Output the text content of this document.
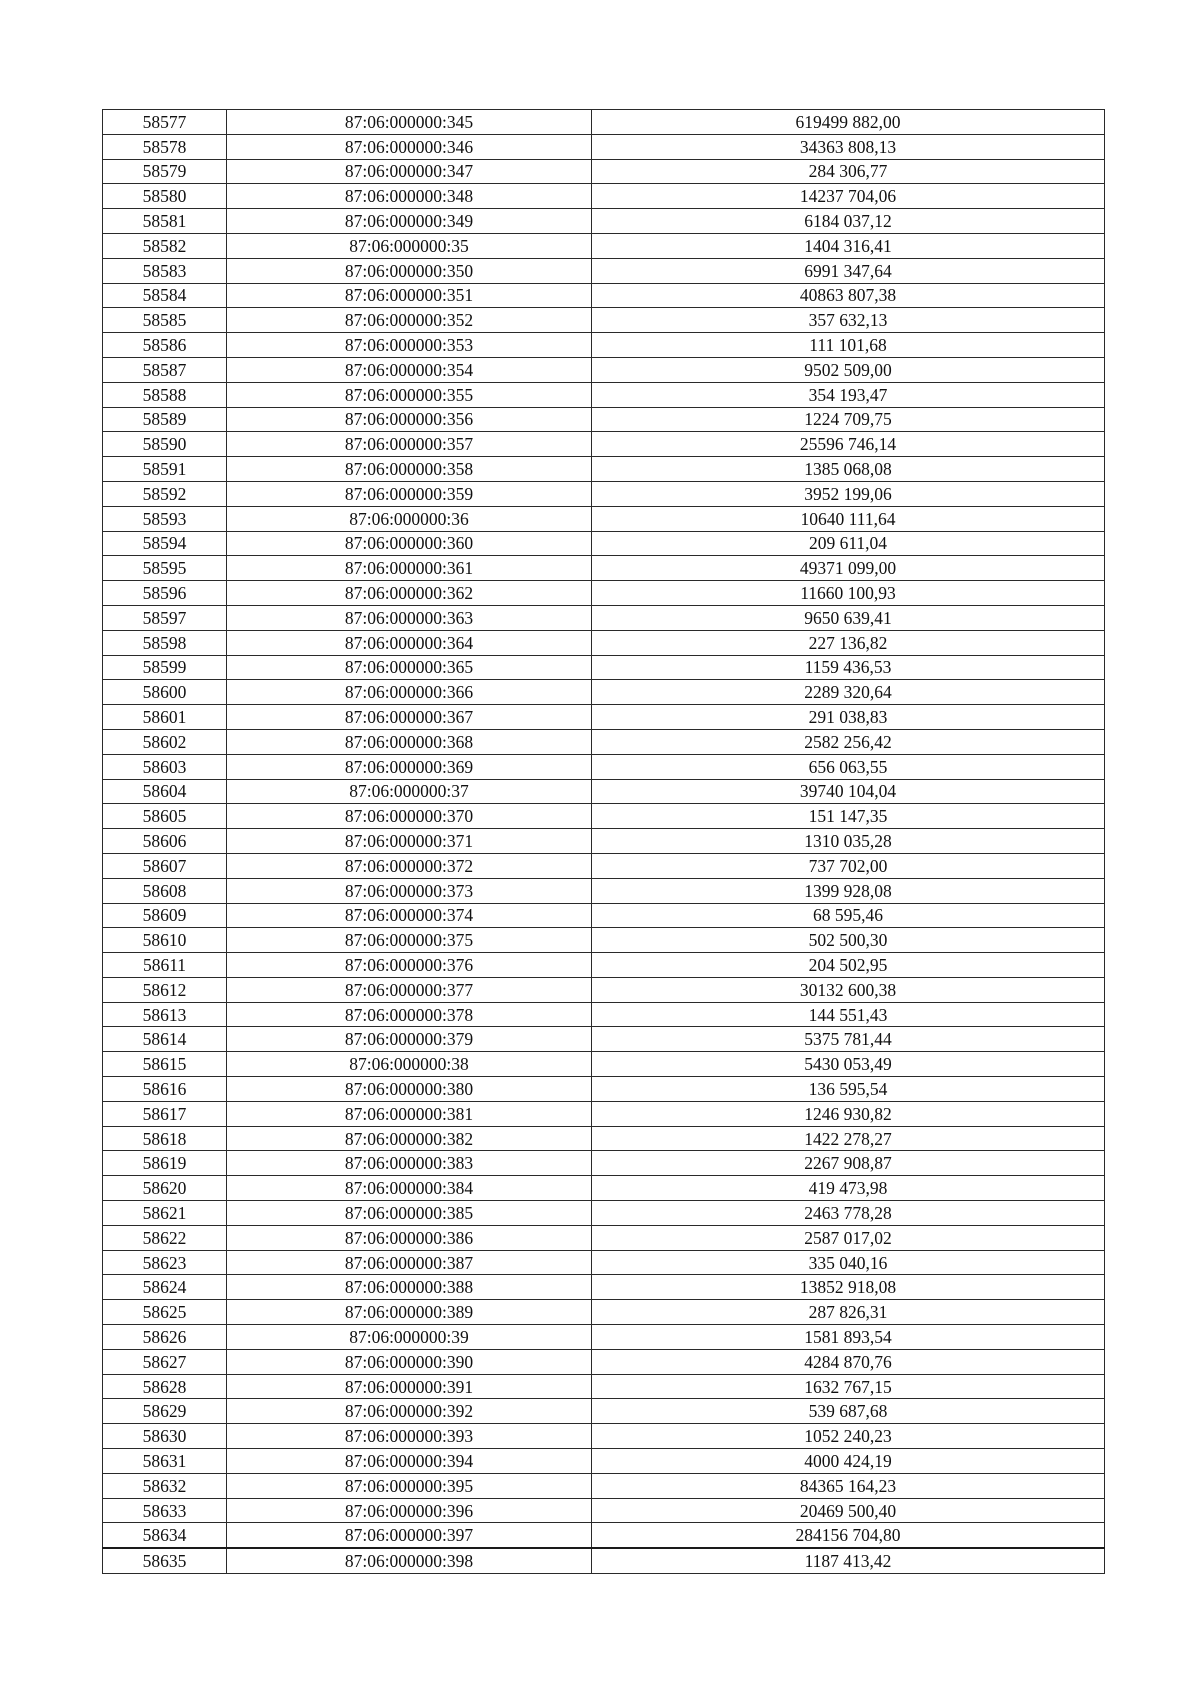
58577	87:06:000000:345	619499 882,00
58578	87:06:000000:346	34363 808,13
58579	87:06:000000:347	284 306,77
58580	87:06:000000:348	14237 704,06
58581	87:06:000000:349	6184 037,12
58582	87:06:000000:35	1404 316,41
58583	87:06:000000:350	6991 347,64
58584	87:06:000000:351	40863 807,38
58585	87:06:000000:352	357 632,13
58586	87:06:000000:353	111 101,68
58587	87:06:000000:354	9502 509,00
58588	87:06:000000:355	354 193,47
58589	87:06:000000:356	1224 709,75
58590	87:06:000000:357	25596 746,14
58591	87:06:000000:358	1385 068,08
58592	87:06:000000:359	3952 199,06
58593	87:06:000000:36	10640 111,64
58594	87:06:000000:360	209 611,04
58595	87:06:000000:361	49371 099,00
58596	87:06:000000:362	11660 100,93
58597	87:06:000000:363	9650 639,41
58598	87:06:000000:364	227 136,82
58599	87:06:000000:365	1159 436,53
58600	87:06:000000:366	2289 320,64
58601	87:06:000000:367	291 038,83
58602	87:06:000000:368	2582 256,42
58603	87:06:000000:369	656 063,55
58604	87:06:000000:37	39740 104,04
58605	87:06:000000:370	151 147,35
58606	87:06:000000:371	1310 035,28
58607	87:06:000000:372	737 702,00
58608	87:06:000000:373	1399 928,08
58609	87:06:000000:374	68 595,46
58610	87:06:000000:375	502 500,30
58611	87:06:000000:376	204 502,95
58612	87:06:000000:377	30132 600,38
58613	87:06:000000:378	144 551,43
58614	87:06:000000:379	5375 781,44
58615	87:06:000000:38	5430 053,49
58616	87:06:000000:380	136 595,54
58617	87:06:000000:381	1246 930,82
58618	87:06:000000:382	1422 278,27
58619	87:06:000000:383	2267 908,87
58620	87:06:000000:384	419 473,98
58621	87:06:000000:385	2463 778,28
58622	87:06:000000:386	2587 017,02
58623	87:06:000000:387	335 040,16
58624	87:06:000000:388	13852 918,08
58625	87:06:000000:389	287 826,31
58626	87:06:000000:39	1581 893,54
58627	87:06:000000:390	4284 870,76
58628	87:06:000000:391	1632 767,15
58629	87:06:000000:392	539 687,68
58630	87:06:000000:393	1052 240,23
58631	87:06:000000:394	4000 424,19
58632	87:06:000000:395	84365 164,23
58633	87:06:000000:396	20469 500,40
58634	87:06:000000:397	284156 704,80
58635	87:06:000000:398	1187 413,42
